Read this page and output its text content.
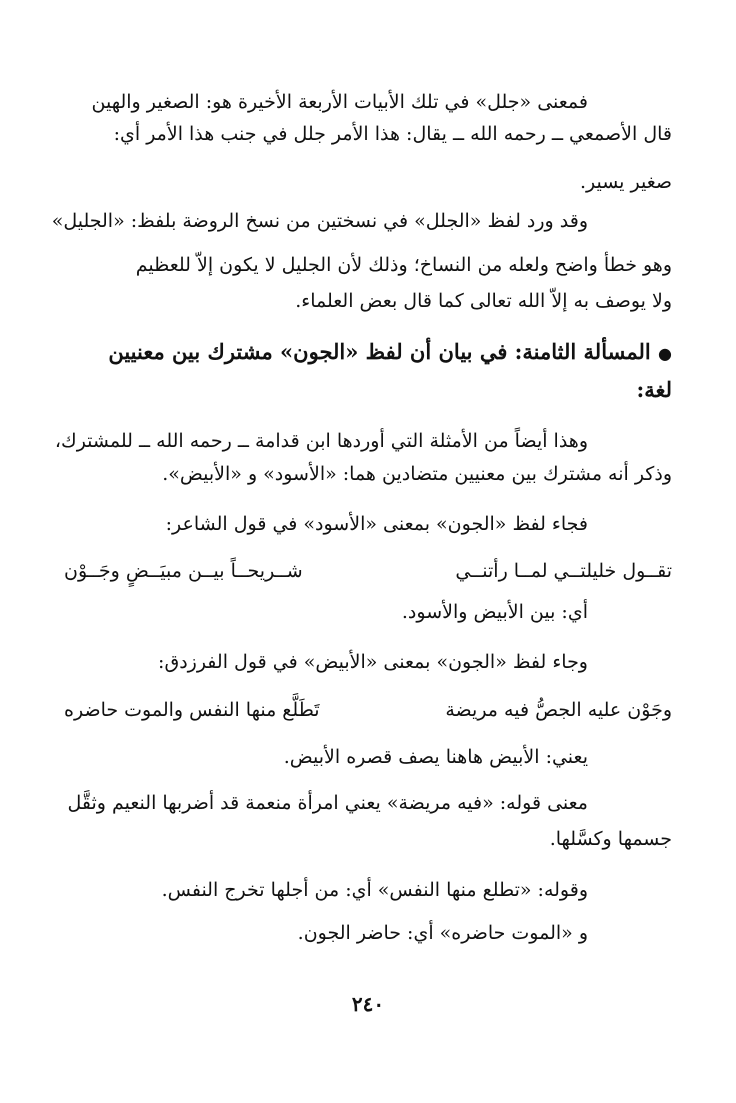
فمعنى «جلل» في تلك الأبيات الأربعة الأخيرة هو: الصغير والهين
قال الأصمعي ــ رحمه الله ــ يقال: هذا الأمر جلل في جنب هذا الأمر أي:
صغير يسير.
وقد ورد لفظ «الجلل» في نسختين من نسخ الروضة بلفظ: «الجليل»
وهو خطأ واضح ولعله من النساخ؛ وذلك لأن الجليل لا يكون إلاّ للعظيم
ولا يوصف به إلاّ الله تعالى كما قال بعض العلماء.
● المسألة الثامنة: في بيان أن لفظ «الجون» مشترك بين معنيين
لغة:
وهذا أيضاً من الأمثلة التي أوردها ابن قدامة ــ رحمه الله ــ للمشترك،
وذكر أنه مشترك بين معنيين متضادين هما: «الأسود» و «الأبيض».
فجاء لفظ «الجون» بمعنى «الأسود» في قول الشاعر:
تقــول خليلتــي لمــا رأتنــي
شــريحــاً بيــن مبيَــضٍ وجَــوْن
أي: بين الأبيض والأسود.
وجاء لفظ «الجون» بمعنى «الأبيض» في قول الفرزدق:
وجَوْن عليه الجصُّ فيه مريضة
تَطَلَّع منها النفس والموت حاضره
يعني: الأبيض هاهنا يصف قصره الأبيض.
معنى قوله: «فيه مريضة» يعني امرأة منعمة قد أضربها النعيم وثقَّل
جسمها وكسَّلها.
وقوله: «تطلع منها النفس» أي: من أجلها تخرج النفس.
و «الموت حاضره» أي: حاضر الجون.
٢٤٠
